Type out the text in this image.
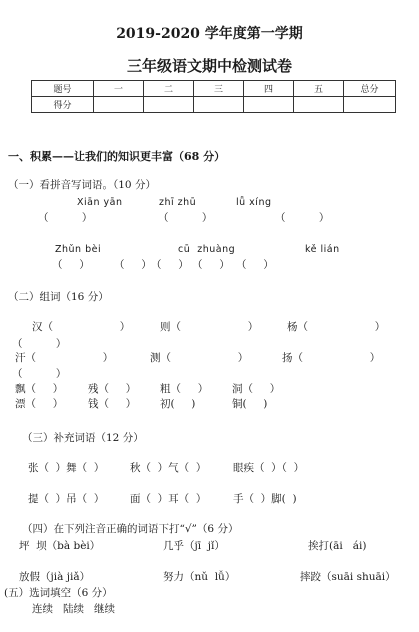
2019-2020 学年度第一学期
三年级语文期中检测试卷
题号	一	二	三	四	五	总分
得分						
一、积累——让我们的知识更丰富（68 分）
（一）看拼音写词语。（10 分）
Xiān yān	zhī zhū	lǚ xíng
（          ）	（          ）	（          ）
Zhǔn bèi	cū  zhuàng	kě lián
（     ） （     ） （     ） （     ） （     ）
（二）组词（16 分）
汉（                    ）	则（                    ）	杨（                    ）
（          ）
汗（                    ）	测（                    ）	扬（                    ）
（          ）
飘（     ） 残（     ） 粗（     ） 洞（     ）
漂（     ） 钱（     ） 初(     )	铜(     )
（三）补充词语（12 分）
张（  ）舞（  ） 秋（  ）气（  ）	眼疾（  ）（  ）
提（  ）吊（  ） 面（  ）耳（  ）	手（  ）脚(  )
（四）在下列注音正确的词语下打“√”（6 分）
坪  坝（bà bèi）	几乎（jī  jǐ）	挨打(āi   ái)
放假（jià jiǎ）	努力（nǔ  lǚ）	摔跤（suāi shuāi）
(五）选词填空（6 分）
连续   陆续   继续
